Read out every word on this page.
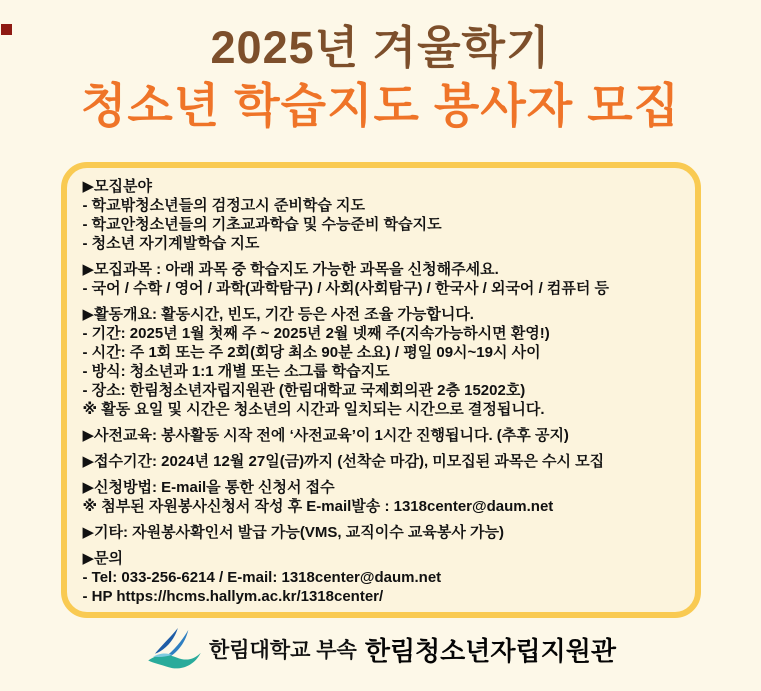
2025년 겨울학기
청소년 학습지도 봉사자 모집
▶모집분야
- 학교밖청소년들의 검정고시 준비학습 지도
- 학교안청소년들의 기초교과학습 및 수능준비 학습지도
- 청소년 자기계발학습 지도
▶모집과목 : 아래 과목 중 학습지도 가능한 과목을 신청해주세요.
- 국어 / 수학 / 영어 / 과학(과학탐구) / 사회(사회탐구) / 한국사 / 외국어 / 컴퓨터 등
▶활동개요: 활동시간, 빈도, 기간 등은 사전 조율 가능합니다.
- 기간: 2025년 1월 첫째 주 ~ 2025년 2월 넷째 주(지속가능하시면 환영!)
- 시간: 주 1회 또는 주 2회(회당 최소 90분 소요) / 평일 09시~19시 사이
- 방식: 청소년과 1:1 개별 또는 소그룹 학습지도
- 장소: 한림청소년자립지원관 (한림대학교 국제회의관 2층 15202호)
※ 활동 요일 및 시간은 청소년의 시간과 일치되는 시간으로 결정됩니다.
▶사전교육: 봉사활동 시작 전에 ‘사전교육’이 1시간 진행됩니다. (추후 공지)
▶접수기간: 2024년 12월 27일(금)까지 (선착순 마감), 미모집된 과목은 수시 모집
▶신청방법: E-mail을 통한 신청서 접수
※ 첨부된 자원봉사신청서 작성 후 E-mail발송 : 1318center@daum.net
▶기타: 자원봉사확인서 발급 가능(VMS, 교직이수 교육봉사 가능)
▶문의
- Tel: 033-256-6214 / E-mail: 1318center@daum.net
- HP https://hcms.hallym.ac.kr/1318center/
한림대학교 부속 한림청소년자립지원관
